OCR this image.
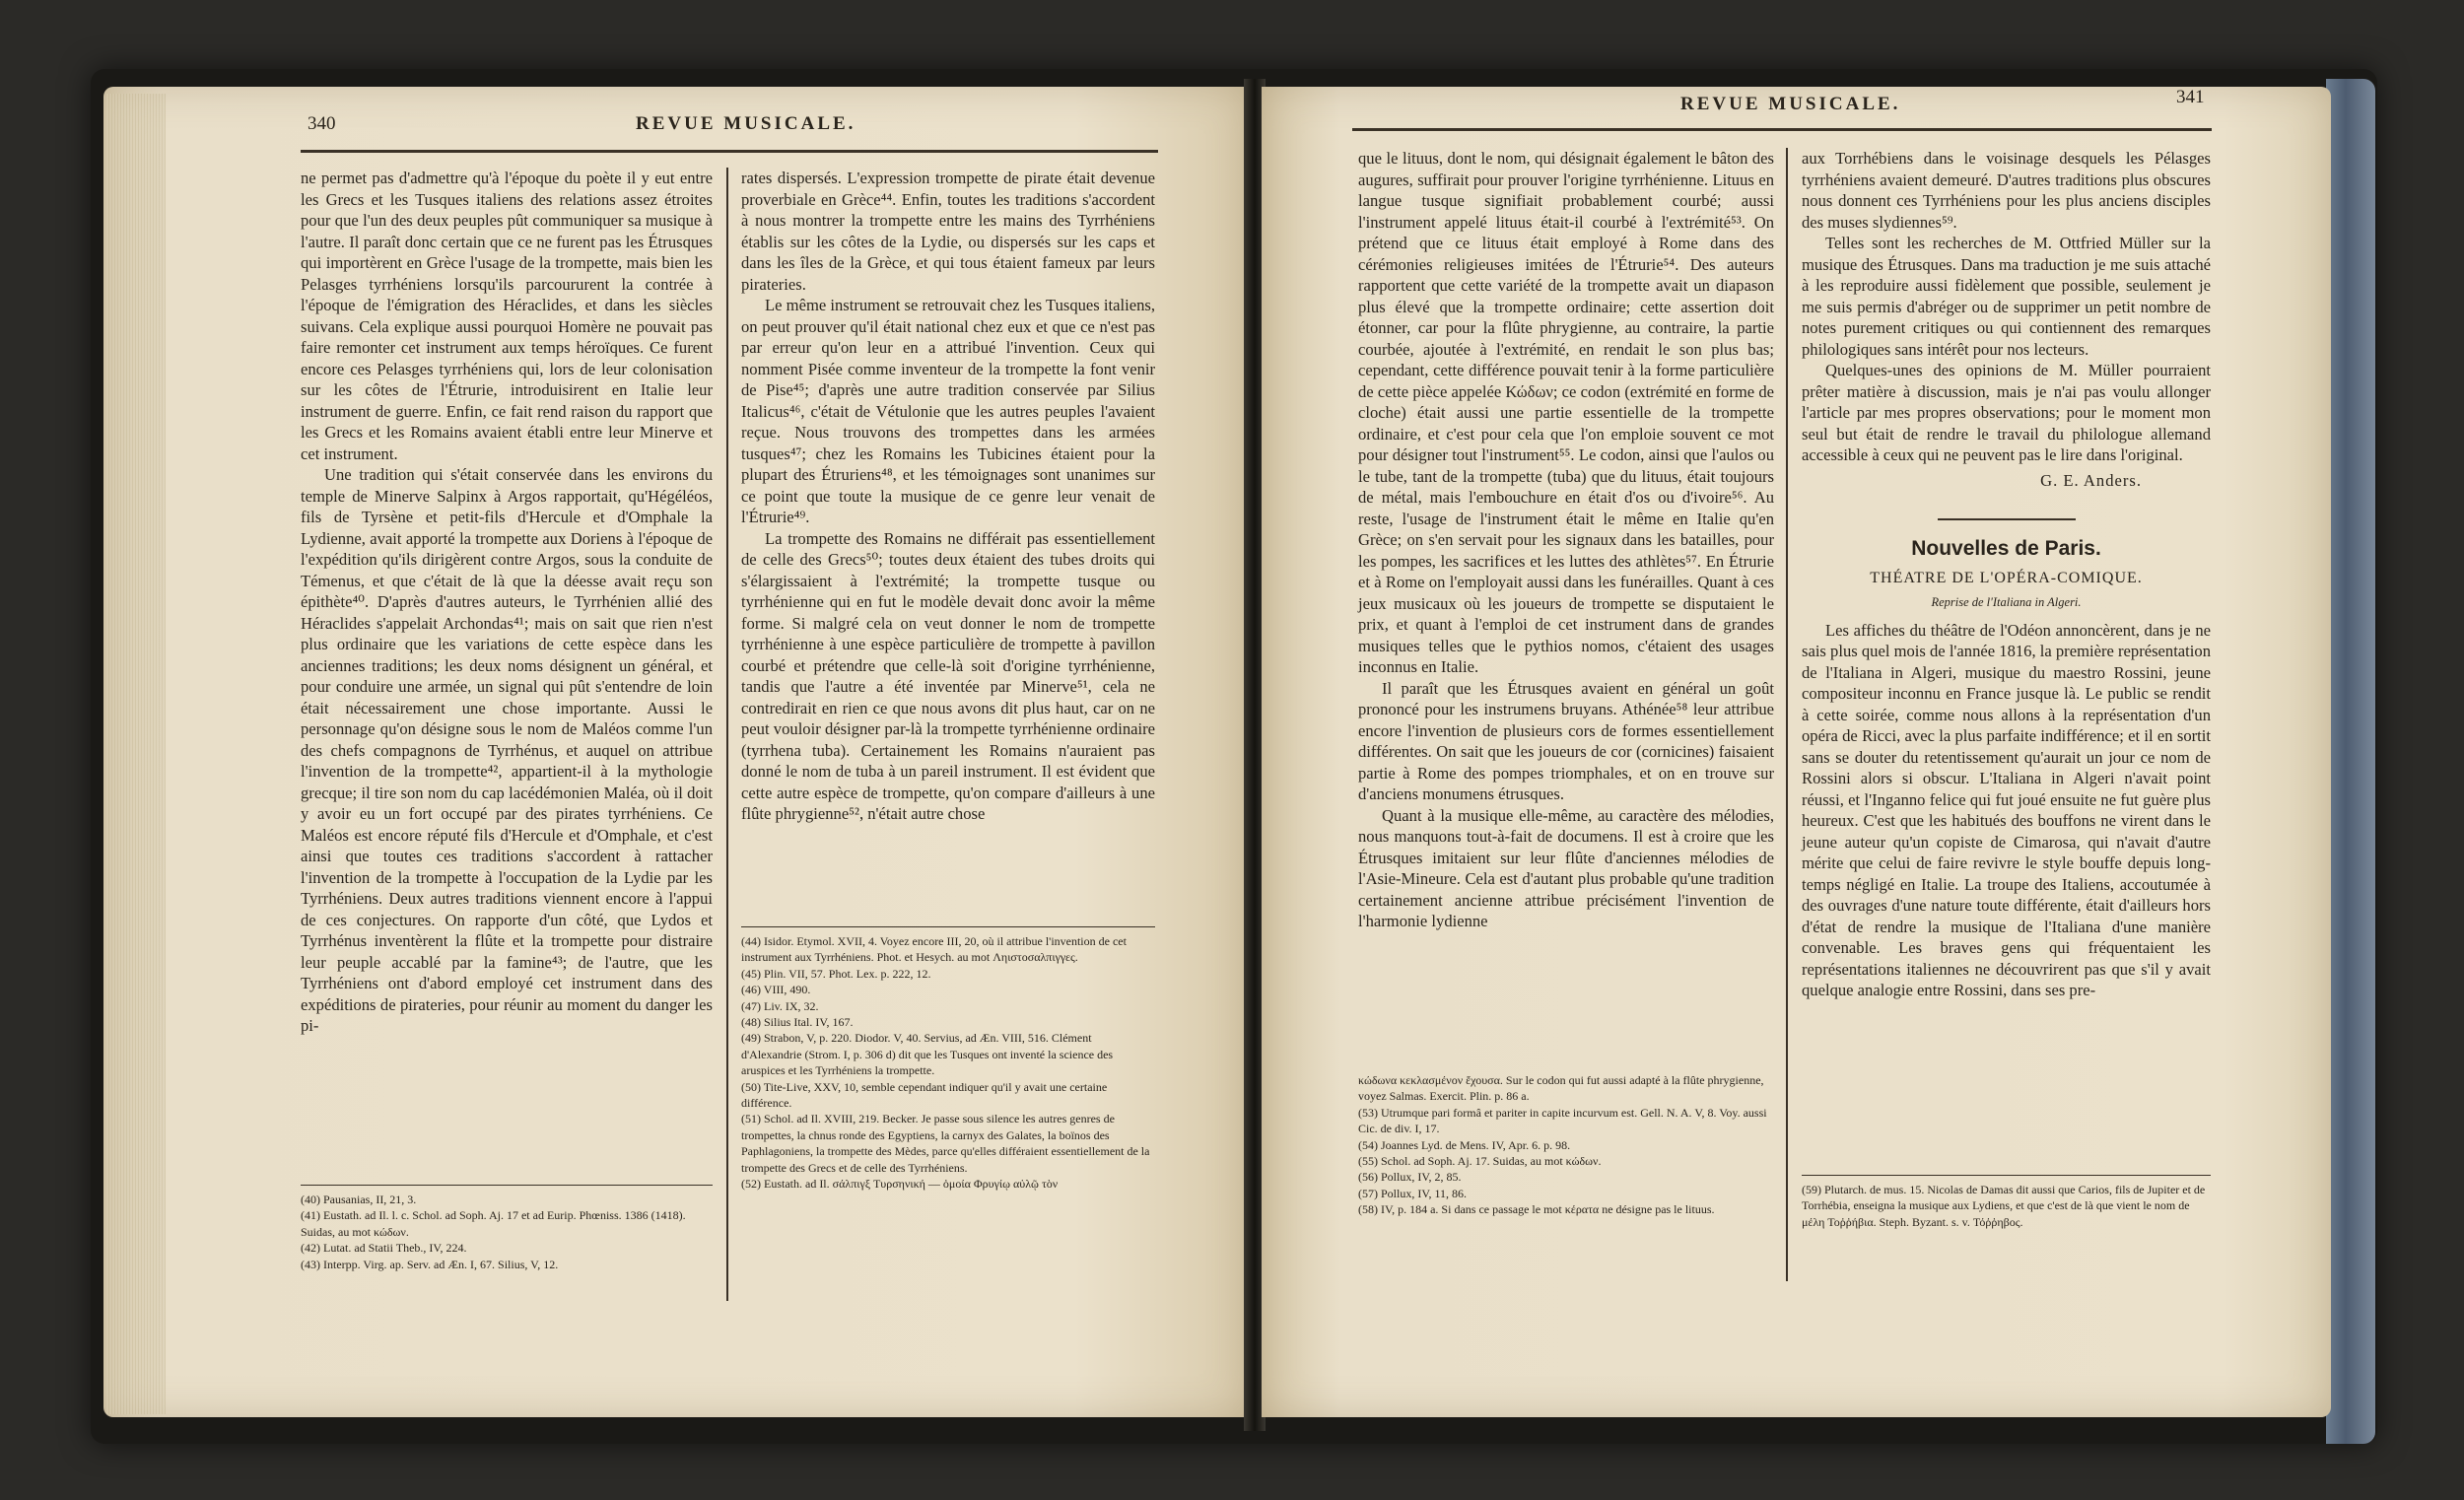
340	REVUE MUSICALE.

ne permet pas d'admettre qu'à l'époque du poète il y eut entre les Grecs et les Tusques italiens des relations assez étroites pour que l'un des deux peuples pût communiquer sa musique à l'autre. Il paraît donc certain que ce ne furent pas les Étrusques qui importèrent en Grèce l'usage de la trompette, mais bien les Pelasges tyrrhéniens lorsqu'ils parcoururent la contrée à l'époque de l'émigration des Héraclides, et dans les siècles suivans. Cela explique aussi pourquoi Homère ne pouvait pas faire remonter cet instrument aux temps héroïques. Ce furent encore ces Pelasges tyrrhéniens qui, lors de leur colonisation sur les côtes de l'Étrurie, introduisirent en Italie leur instrument de guerre. Enfin, ce fait rend raison du rapport que les Grecs et les Romains avaient établi entre leur Minerve et cet instrument.

Une tradition qui s'était conservée dans les environs du temple de Minerve Salpinx à Argos rapportait, qu'Hégéléos, fils de Tyrsène et petit-fils d'Hercule et d'Omphale la Lydienne, avait apporté la trompette aux Doriens à l'époque de l'expédition qu'ils dirigèrent contre Argos, sous la conduite de Témenus, et que c'était de là que la déesse avait reçu son épithète⁴⁰. D'après d'autres auteurs, le Tyrrhénien allié des Héraclides s'appelait Archondas⁴¹; mais on sait que rien n'est plus ordinaire que les variations de cette espèce dans les anciennes traditions; les deux noms désignent un général, et pour conduire une armée, un signal qui pût s'entendre de loin était nécessairement une chose importante. Aussi le personnage qu'on désigne sous le nom de Maléos comme l'un des chefs compagnons de Tyrrhénus, et auquel on attribue l'invention de la trompette⁴², appartient-il à la mythologie grecque; il tire son nom du cap lacédémonien Maléa, où il doit y avoir eu un fort occupé par des pirates tyrrhéniens. Ce Maléos est encore réputé fils d'Hercule et d'Omphale, et c'est ainsi que toutes ces traditions s'accordent à rattacher l'invention de la trompette à l'occupation de la Lydie par les Tyrrhéniens. Deux autres traditions viennent encore à l'appui de ces conjectures. On rapporte d'un côté, que Lydos et Tyrrhénus inventèrent la flûte et la trompette pour distraire leur peuple accablé par la famine⁴³; de l'autre, que les Tyrrhéniens ont d'abord employé cet instrument dans des expéditions de pirateries, pour réunir au moment du danger les pi-

(40) Pausanias, II, 21, 3.
(41) Eustath. ad Il. l. c. Schol. ad Soph. Aj. 17 et ad Eurip. Phœniss. 1386 (1418). Suidas, au mot κώδων.
(42) Lutat. ad Statii Theb., IV, 224.
(43) Interpp. Virg. ap. Serv. ad Æn. I, 67. Silius, V, 12.

rates dispersés. L'expression trompette de pirate était devenue proverbiale en Grèce⁴⁴. Enfin, toutes les traditions s'accordent à nous montrer la trompette entre les mains des Tyrrhéniens établis sur les côtes de la Lydie, ou dispersés sur les caps et dans les îles de la Grèce, et qui tous étaient fameux par leurs pirateries.

Le même instrument se retrouvait chez les Tusques italiens, on peut prouver qu'il était national chez eux et que ce n'est pas par erreur qu'on leur en a attribué l'invention. Ceux qui nomment Pisée comme inventeur de la trompette la font venir de Pise⁴⁵; d'après une autre tradition conservée par Silius Italicus⁴⁶, c'était de Vétulonie que les autres peuples l'avaient reçue. Nous trouvons des trompettes dans les armées tusques⁴⁷; chez les Romains les Tubicines étaient pour la plupart des Étruriens⁴⁸, et les témoignages sont unanimes sur ce point que toute la musique de ce genre leur venait de l'Étrurie⁴⁹.

La trompette des Romains ne différait pas essentiellement de celle des Grecs⁵⁰; toutes deux étaient des tubes droits qui s'élargissaient à l'extrémité; la trompette tusque ou tyrrhénienne qui en fut le modèle devait donc avoir la même forme. Si malgré cela on veut donner le nom de trompette tyrrhénienne à une espèce particulière de trompette à pavillon courbé et prétendre que celle-là soit d'origine tyrrhénienne, tandis que l'autre a été inventée par Minerve⁵¹, cela ne contredirait en rien ce que nous avons dit plus haut, car on ne peut vouloir désigner par-là la trompette tyrrhénienne ordinaire (tyrrhena tuba). Certainement les Romains n'auraient pas donné le nom de tuba à un pareil instrument. Il est évident que cette autre espèce de trompette, qu'on compare d'ailleurs à une flûte phrygienne⁵², n'était autre chose

(44) Isidor. Etymol. XVII, 4. Voyez encore III, 20, où il attribue l'invention de cet instrument aux Tyrrhéniens. Phot. et Hesych. au mot Ληιστοσαλπιγγες.
(45) Plin. VII, 57. Phot. Lex. p. 222, 12.
(46) VIII, 490.
(47) Liv. IX, 32.
(48) Silius Ital. IV, 167.
(49) Strabon, V, p. 220. Diodor. V, 40. Servius, ad Æn. VIII, 516. Clément d'Alexandrie (Strom. I, p. 306 d) dit que les Tusques ont inventé la science des aruspices et les Tyrrhéniens la trompette.
(50) Tite-Live, XXV, 10, semble cependant indiquer qu'il y avait une certaine différence.
(51) Schol. ad Il. XVIII, 219. Becker. Je passe sous silence les autres genres de trompettes, la chnus ronde des Egyptiens, la carnyx des Galates, la boïnos des Paphlagoniens, la trompette des Mèdes, parce qu'elles différaient essentiellement de la trompette des Grecs et de celle des Tyrrhéniens.
(52) Eustath. ad Il. σάλπιγξ Τυρσηνική — ὁμοία Φρυγίῳ αὐλῷ τὸν
REVUE MUSICALE.	341

que le lituus, dont le nom, qui désignait également le bâton des augures, suffirait pour prouver l'origine tyrrhénienne. Lituus en langue tusque signifiait probablement courbé; aussi l'instrument appelé lituus était-il courbé à l'extrémité⁵³. On prétend que ce lituus était employé à Rome dans des cérémonies religieuses imitées de l'Étrurie⁵⁴. Des auteurs rapportent que cette variété de la trompette avait un diapason plus élevé que la trompette ordinaire; cette assertion doit étonner, car pour la flûte phrygienne, au contraire, la partie courbée, ajoutée à l'extrémité, en rendait le son plus bas; cependant, cette différence pouvait tenir à la forme particulière de cette pièce appelée Κώδων; ce codon (extrémité en forme de cloche) était aussi une partie essentielle de la trompette ordinaire, et c'est pour cela que l'on emploie souvent ce mot pour désigner tout l'instrument⁵⁵. Le codon, ainsi que l'aulos ou le tube, tant de la trompette (tuba) que du lituus, était toujours de métal, mais l'embouchure en était d'os ou d'ivoire⁵⁶. Au reste, l'usage de l'instrument était le même en Italie qu'en Grèce; on s'en servait pour les signaux dans les batailles, pour les pompes, les sacrifices et les luttes des athlètes⁵⁷. En Étrurie et à Rome on l'employait aussi dans les funérailles. Quant à ces jeux musicaux où les joueurs de trompette se disputaient le prix, et quant à l'emploi de cet instrument dans de grandes musiques telles que le pythios nomos, c'étaient des usages inconnus en Italie.

Il paraît que les Étrusques avaient en général un goût prononcé pour les instrumens bruyans. Athénée⁵⁸ leur attribue encore l'invention de plusieurs cors de formes essentiellement différentes. On sait que les joueurs de cor (cornicines) faisaient partie à Rome des pompes triomphales, et on en trouve sur d'anciens monumens étrusques.

Quant à la musique elle-même, au caractère des mélodies, nous manquons tout-à-fait de documens. Il est à croire que les Étrusques imitaient sur leur flûte d'anciennes mélodies de l'Asie-Mineure. Cela est d'autant plus probable qu'une tradition certainement ancienne attribue précisément l'invention de l'harmonie lydienne

κώδωνα κεκλασμένον ἔχουσα. Sur le codon qui fut aussi adapté à la flûte phrygienne, voyez Salmas. Exercit. Plin. p. 86 a.
(53) Utrumque pari formâ et pariter in capite incurvum est. Gell. N. A. V, 8. Voy. aussi Cic. de div. I, 17.
(54) Joannes Lyd. de Mens. IV, Apr. 6. p. 98.
(55) Schol. ad Soph. Aj. 17. Suidas, au mot κώδων.
(56) Pollux, IV, 2, 85.
(57) Pollux, IV, 11, 86.
(58) IV, p. 184 a. Si dans ce passage le mot κέρατα ne désigne pas le lituus.

aux Torrhébiens dans le voisinage desquels les Pélasges tyrrhéniens avaient demeuré. D'autres traditions plus obscures nous donnent ces Tyrrhéniens pour les plus anciens disciples des muses slydiennes⁵⁹.

Telles sont les recherches de M. Ottfried Müller sur la musique des Étrusques. Dans ma traduction je me suis attaché à les reproduire aussi fidèlement que possible, seulement je me suis permis d'abréger ou de supprimer un petit nombre de notes purement critiques ou qui contiennent des remarques philologiques sans intérêt pour nos lecteurs.

Quelques-unes des opinions de M. Müller pourraient prêter matière à discussion, mais je n'ai pas voulu allonger l'article par mes propres observations; pour le moment mon seul but était de rendre le travail du philologue allemand accessible à ceux qui ne peuvent pas le lire dans l'original.

G. E. Anders.
Nouvelles de Paris.
THÉATRE DE L'OPÉRA-COMIQUE.
Reprise de l'Italiana in Algeri.

Les affiches du théâtre de l'Odéon annoncèrent, dans je ne sais plus quel mois de l'année 1816, la première représentation de l'Italiana in Algeri, musique du maestro Rossini, jeune compositeur inconnu en France jusque là. Le public se rendit à cette soirée, comme nous allons à la représentation d'un opéra de Ricci, avec la plus parfaite indifférence; et il en sortit sans se douter du retentissement qu'aurait un jour ce nom de Rossini alors si obscur. L'Italiana in Algeri n'avait point réussi, et l'Inganno felice qui fut joué ensuite ne fut guère plus heureux. C'est que les habitués des bouffons ne virent dans le jeune auteur qu'un copiste de Cimarosa, qui n'avait d'autre mérite que celui de faire revivre le style bouffe depuis long-temps négligé en Italie. La troupe des Italiens, accoutumée à des ouvrages d'une nature toute différente, était d'ailleurs hors d'état de rendre la musique de l'Italiana d'une manière convenable. Les braves gens qui fréquentaient les représentations italiennes ne découvrirent pas que s'il y avait quelque analogie entre Rossini, dans ses pre-

(59) Plutarch. de mus. 15. Nicolas de Damas dit aussi que Carios, fils de Jupiter et de Torrhébia, enseigna la musique aux Lydiens, et que c'est de là que vient le nom de μέλη Τοῤῥήβια. Steph. Byzant. s. v. Τόῤῥηβος.
